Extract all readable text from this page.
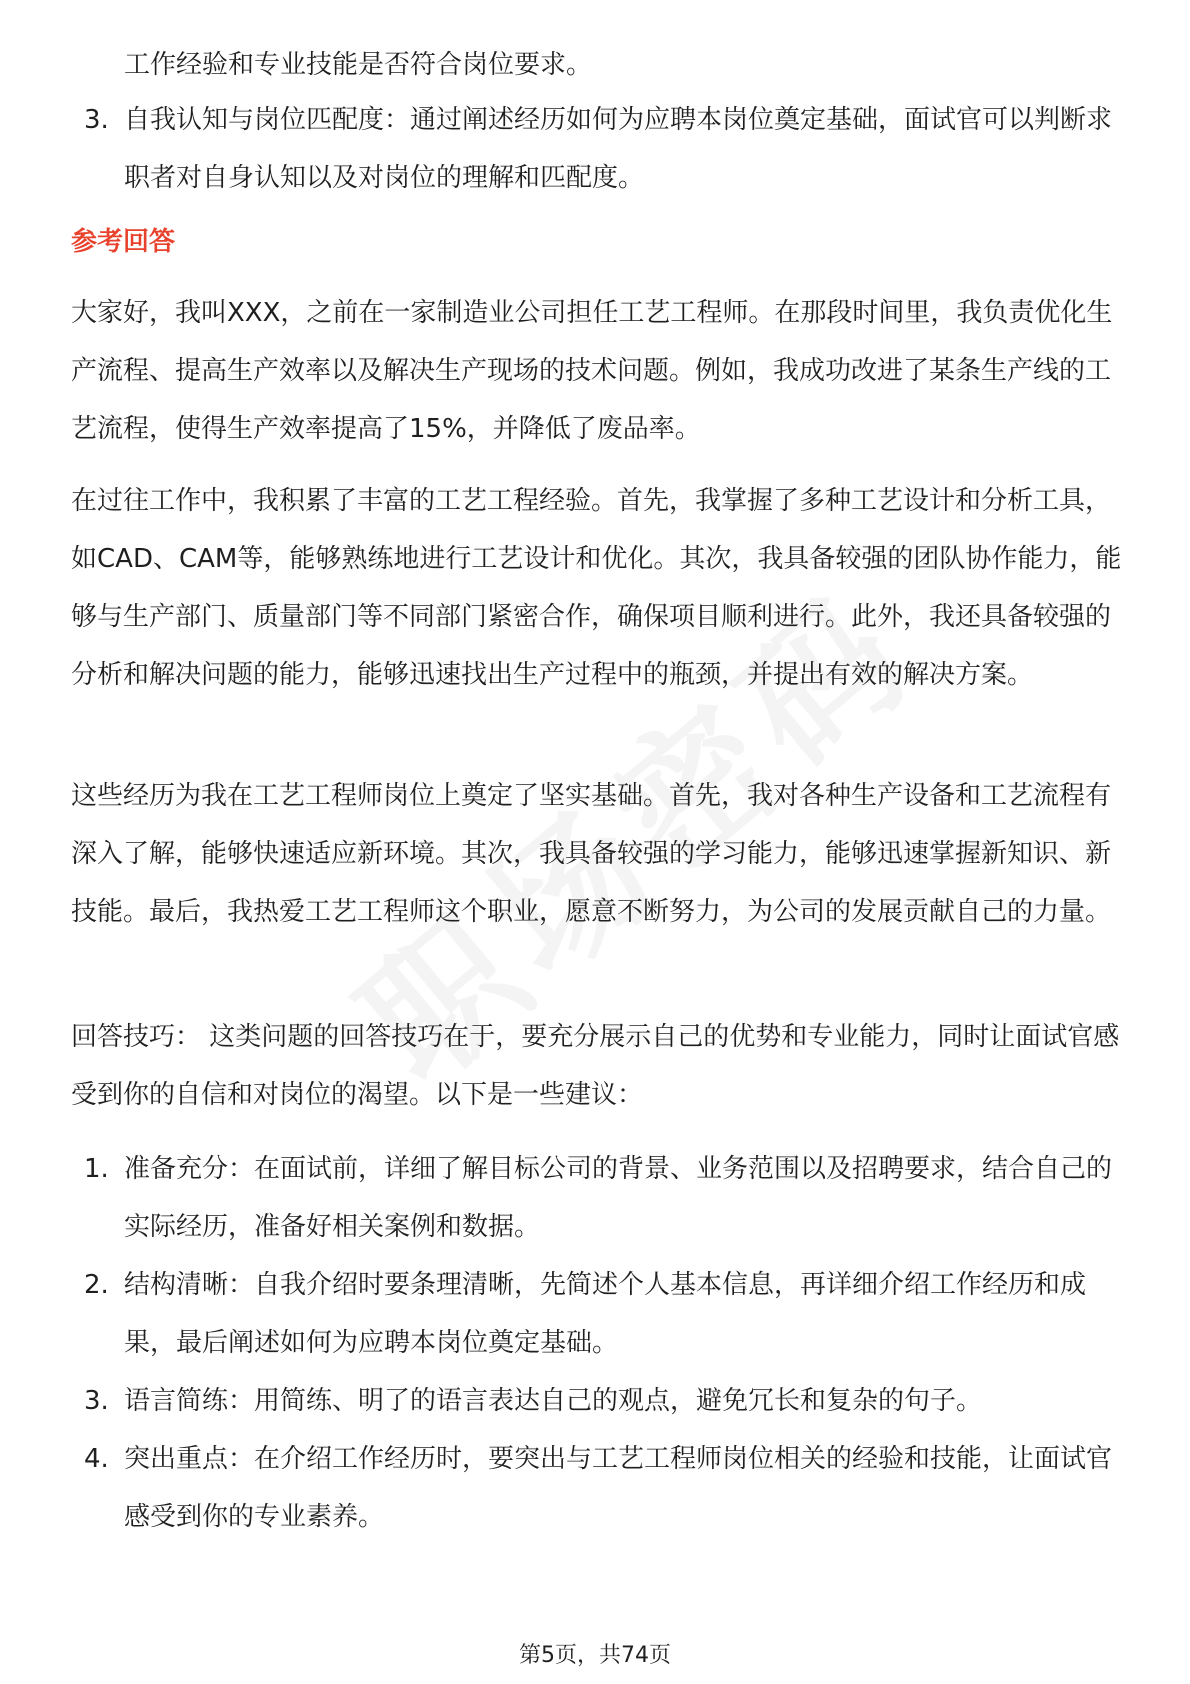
工作经验和专业技能是否符合岗位要求。
3. 自我认知与岗位匹配度：通过阐述经历如何为应聘本岗位奠定基础，面试官可以判断求职者对自身认知以及对岗位的理解和匹配度。
参考回答
大家好，我叫XXX，之前在一家制造业公司担任工艺工程师。在那段时间里，我负责优化生产流程、提高生产效率以及解决生产现场的技术问题。例如，我成功改进了某条生产线的工艺流程，使得生产效率提高了15%，并降低了废品率。
在过往工作中，我积累了丰富的工艺工程经验。首先，我掌握了多种工艺设计和分析工具，如CAD、CAM等，能够熟练地进行工艺设计和优化。其次，我具备较强的团队协作能力，能够与生产部门、质量部门等不同部门紧密合作，确保项目顺利进行。此外，我还具备较强的分析和解决问题的能力，能够迅速找出生产过程中的瓶颈，并提出有效的解决方案。
这些经历为我在工艺工程师岗位上奠定了坚实基础。首先，我对各种生产设备和工艺流程有深入了解，能够快速适应新环境。其次，我具备较强的学习能力，能够迅速掌握新知识、新技能。最后，我热爱工艺工程师这个职业，愿意不断努力，为公司的发展贡献自己的力量。
回答技巧： 这类问题的回答技巧在于，要充分展示自己的优势和专业能力，同时让面试官感受到你的自信和对岗位的渴望。以下是一些建议：
1. 准备充分：在面试前，详细了解目标公司的背景、业务范围以及招聘要求，结合自己的实际经历，准备好相关案例和数据。
2. 结构清晰：自我介绍时要条理清晰，先简述个人基本信息，再详细介绍工作经历和成果，最后阐述如何为应聘本岗位奠定基础。
3. 语言简练：用简练、明了的语言表达自己的观点，避免冗长和复杂的句子。
4. 突出重点：在介绍工作经历时，要突出与工艺工程师岗位相关的经验和技能，让面试官感受到你的专业素养。
第5页，共74页
